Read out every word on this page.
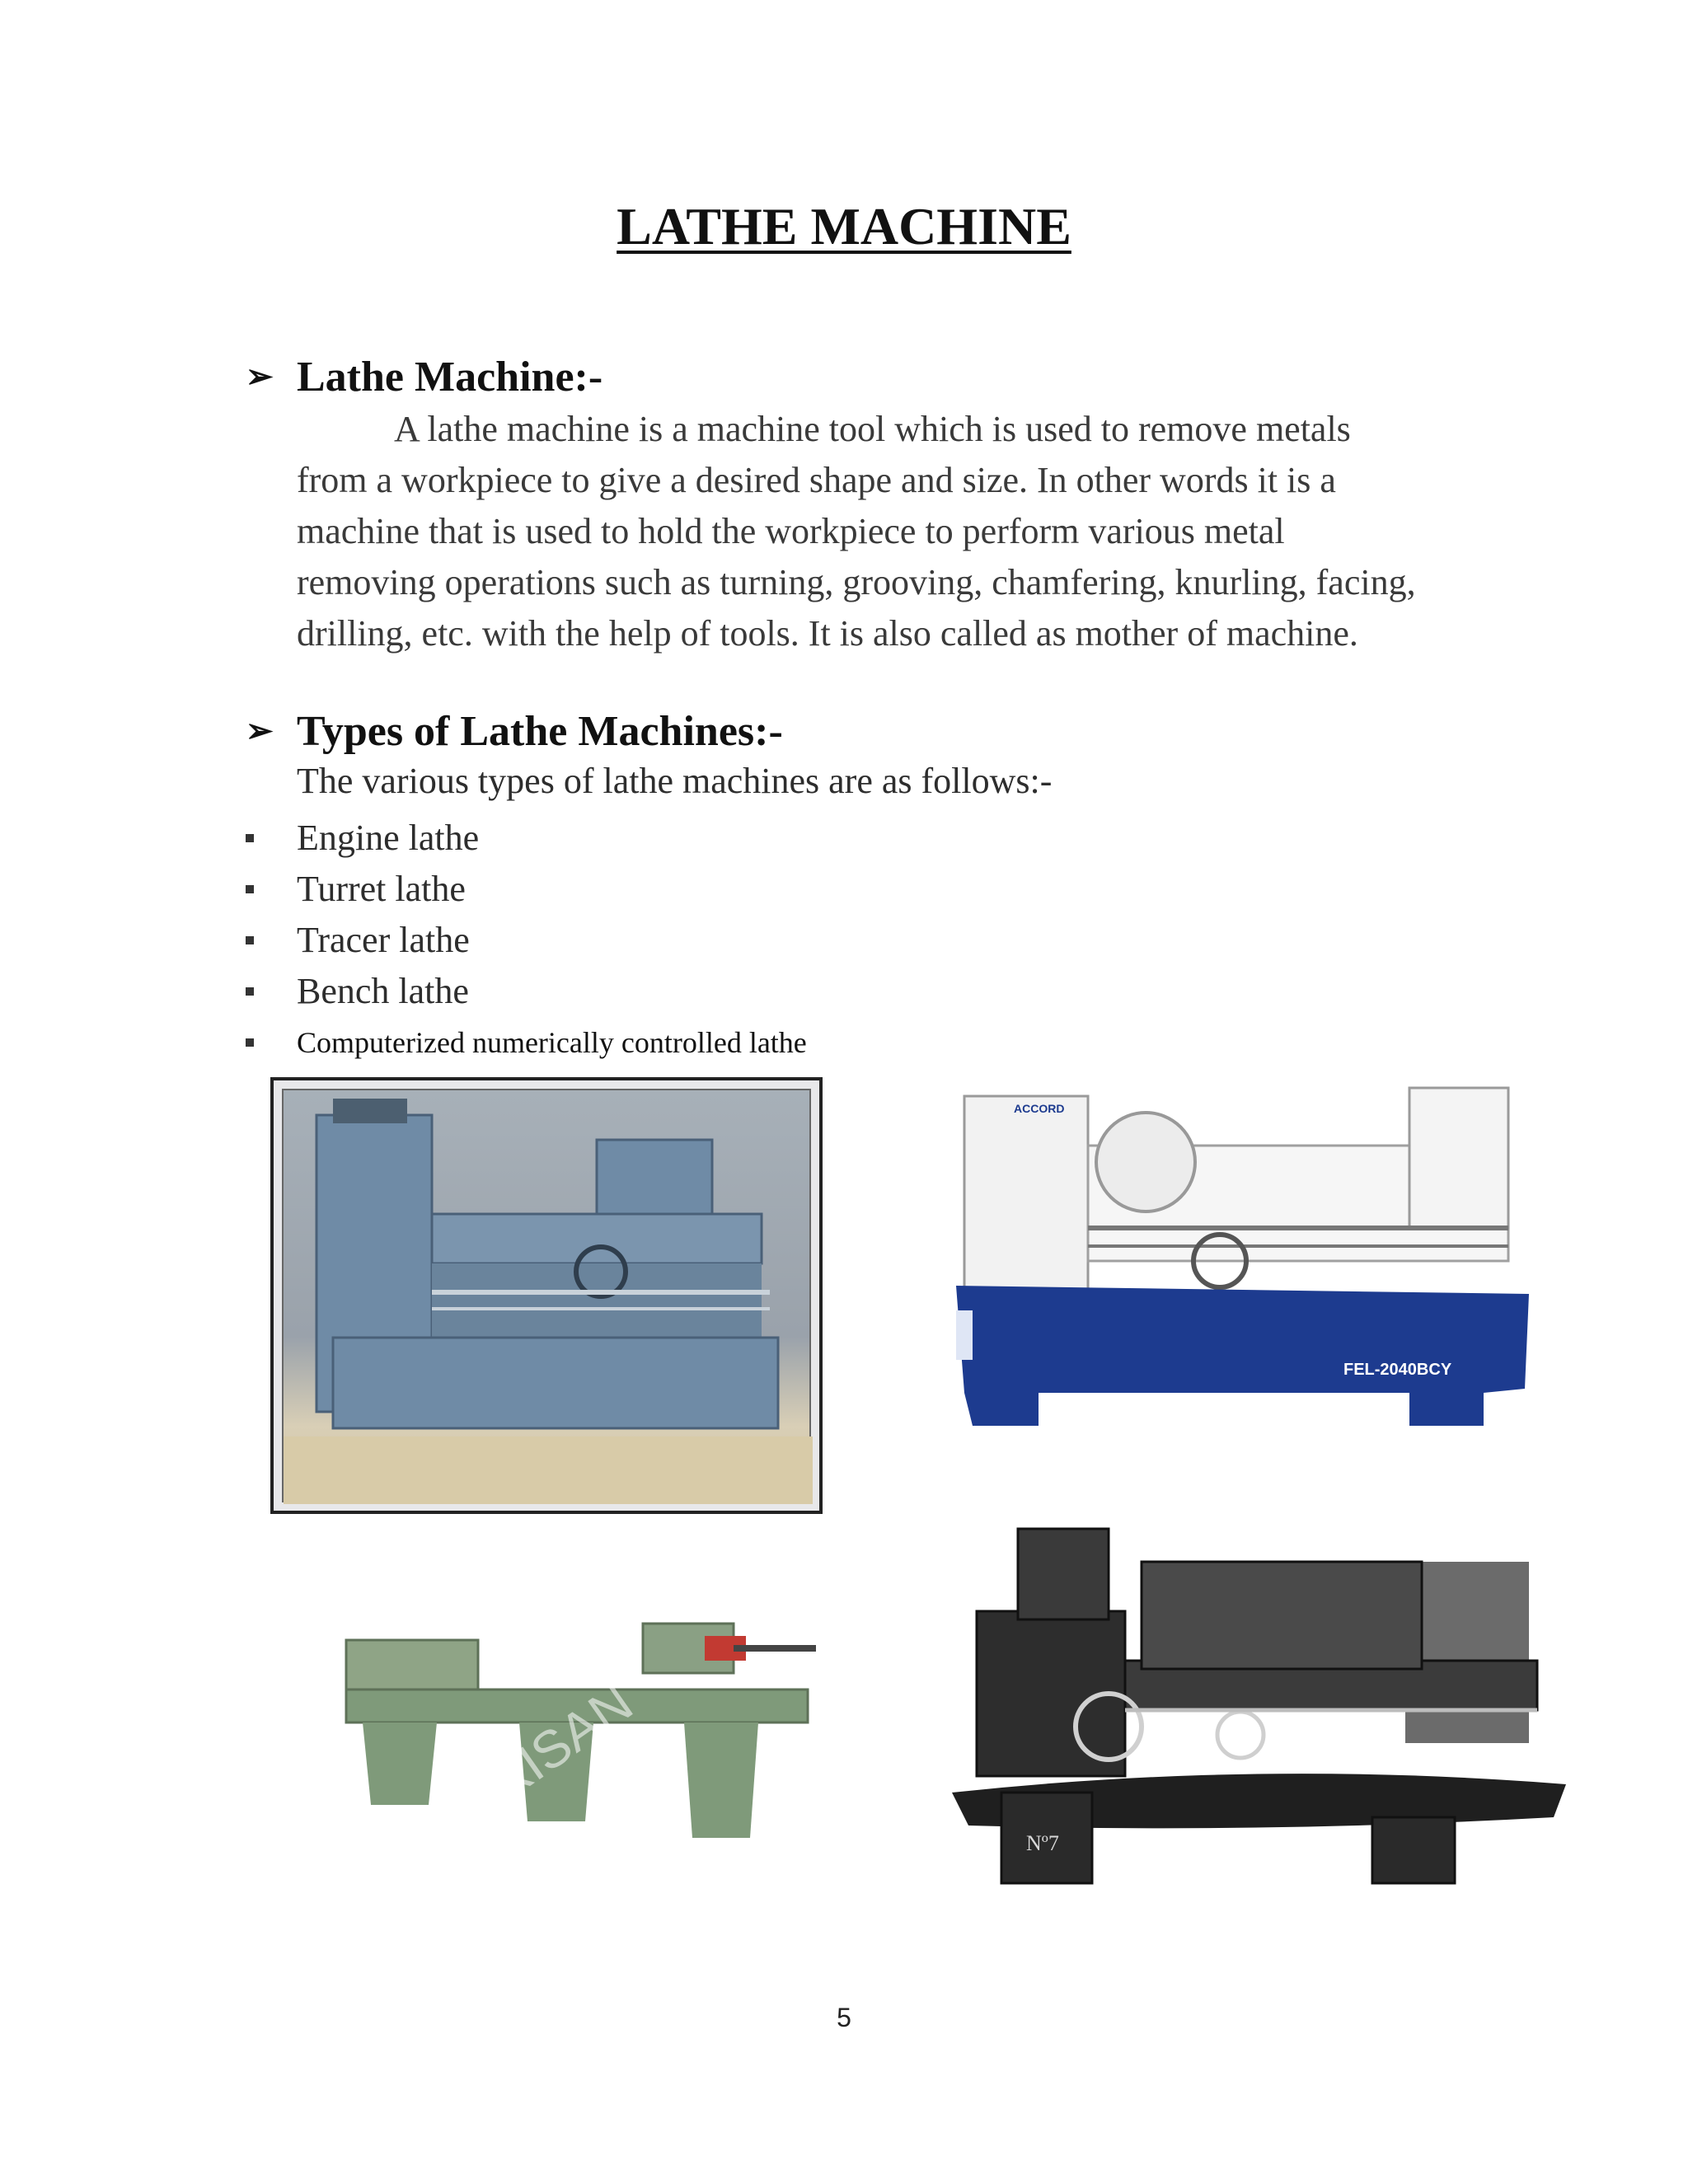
LATHE MACHINE
➢ Lathe Machine:-
A lathe machine is a machine tool which is used to remove metals
from a workpiece to give a desired shape and size. In other words it is a
machine that is used to hold the workpiece to perform various metal
removing operations such as turning, grooving, chamfering, knurling, facing,
drilling, etc. with the help of tools. It is also called as mother of machine.
➢ Types of Lathe Machines:-
The various types of lathe machines are as follows:-
Engine lathe
Turret lathe
Tracer lathe
Bench lathe
Computerized numerically controlled lathe
FEL-2040BCY
ACCORD
KISAN
Nº7
5
